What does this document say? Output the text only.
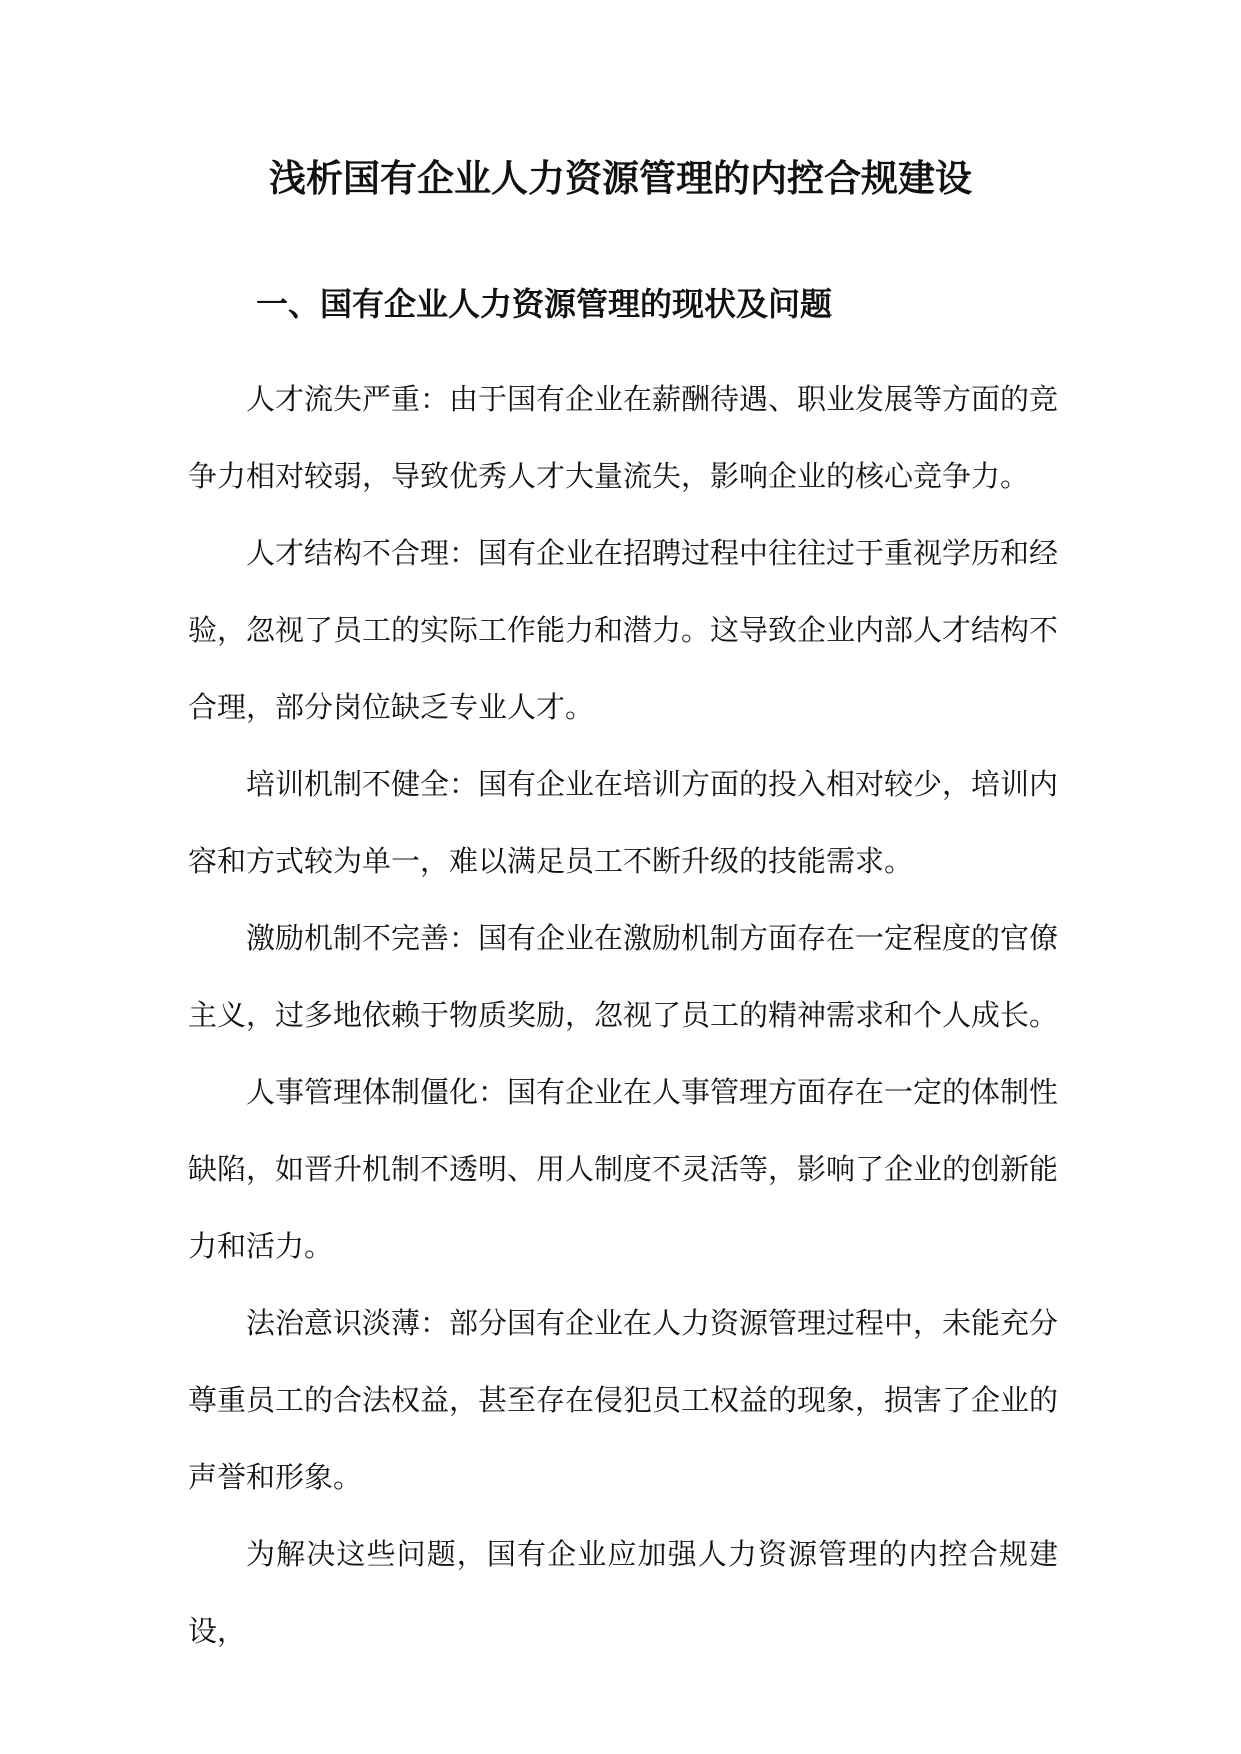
浅析国有企业人力资源管理的内控合规建设
一、国有企业人力资源管理的现状及问题

人才流失严重：由于国有企业在薪酬待遇、职业发展等方面的竞争力相对较弱，导致优秀人才大量流失，影响企业的核心竞争力。

人才结构不合理：国有企业在招聘过程中往往过于重视学历和经验，忽视了员工的实际工作能力和潜力。这导致企业内部人才结构不合理，部分岗位缺乏专业人才。

培训机制不健全：国有企业在培训方面的投入相对较少，培训内容和方式较为单一，难以满足员工不断升级的技能需求。

激励机制不完善：国有企业在激励机制方面存在一定程度的官僚主义，过多地依赖于物质奖励，忽视了员工的精神需求和个人成长。

人事管理体制僵化：国有企业在人事管理方面存在一定的体制性缺陷，如晋升机制不透明、用人制度不灵活等，影响了企业的创新能力和活力。

法治意识淡薄：部分国有企业在人力资源管理过程中，未能充分尊重员工的合法权益，甚至存在侵犯员工权益的现象，损害了企业的声誉和形象。

为解决这些问题，国有企业应加强人力资源管理的内控合规建设，
